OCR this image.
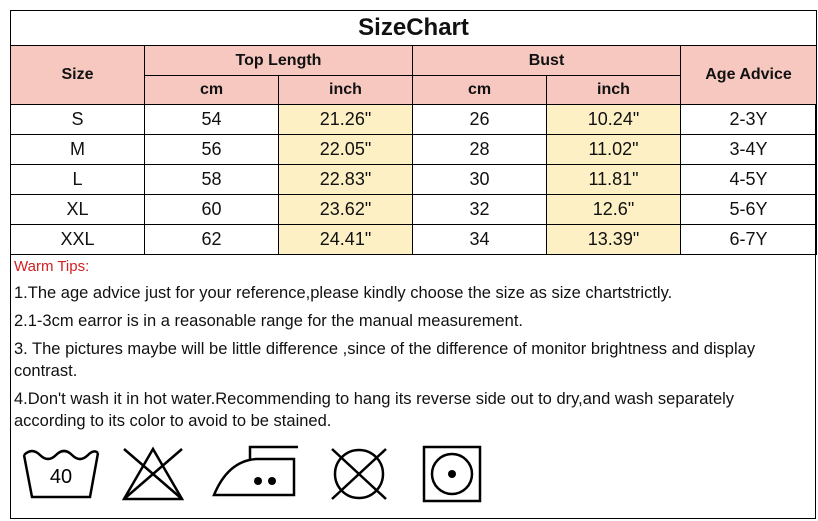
SizeChart					
Size	Top Length		Bust		Age Advice
	cm	inch	cm	inch	
S	54	21.26"	26	10.24"	2-3Y
M	56	22.05"	28	11.02"	3-4Y
L	58	22.83"	30	11.81"	4-5Y
XL	60	23.62"	32	12.6"	5-6Y
XXL	62	24.41"	34	13.39"	6-7Y
Warm Tips:

1.The age advice just for your reference,please kindly choose the size as size chartstrictly.

2.1-3cm earror is in a reasonable range for the manual measurement.

3. The pictures maybe will be little difference ,since of the difference of monitor brightness and display contrast.

4.Don't wash it in hot water.Recommending to hang its reverse side out to dry,and wash separately according to its color to avoid to be stained.

40
